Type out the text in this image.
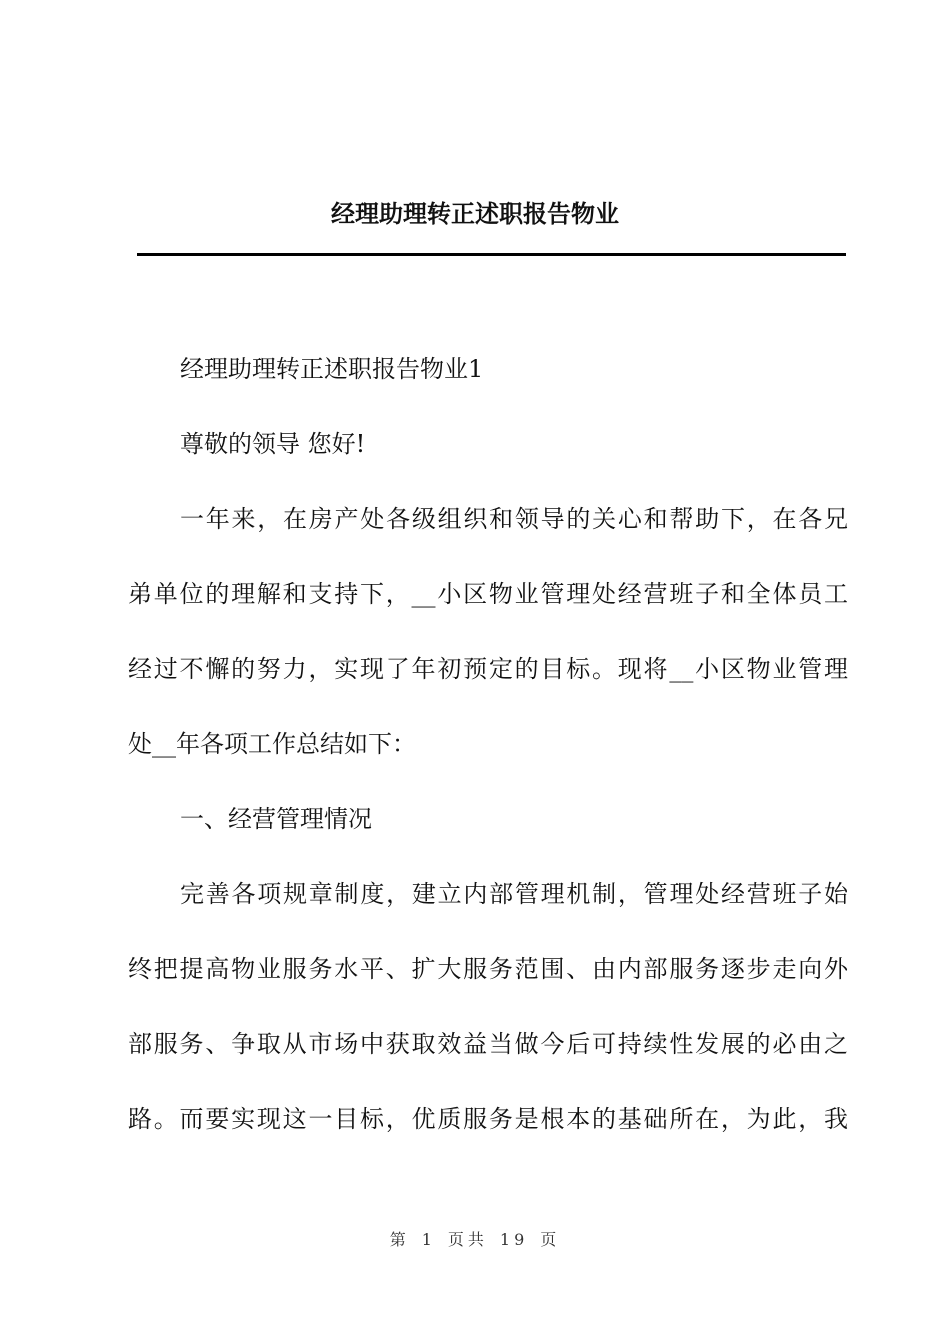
经理助理转正述职报告物业
经理助理转正述职报告物业1
尊敬的领导 您好!
一年来，在房产处各级组织和领导的关心和帮助下，在各兄
弟单位的理解和支持下，__小区物业管理处经营班子和全体员工
经过不懈的努力，实现了年初预定的目标。现将__小区物业管理
处__年各项工作总结如下：
一、经营管理情况
完善各项规章制度，建立内部管理机制，管理处经营班子始
终把提高物业服务水平、扩大服务范围、由内部服务逐步走向外
部服务、争取从市场中获取效益当做今后可持续性发展的必由之
路。而要实现这一目标，优质服务是根本的基础所在，为此，我
第 1 页共 19 页
